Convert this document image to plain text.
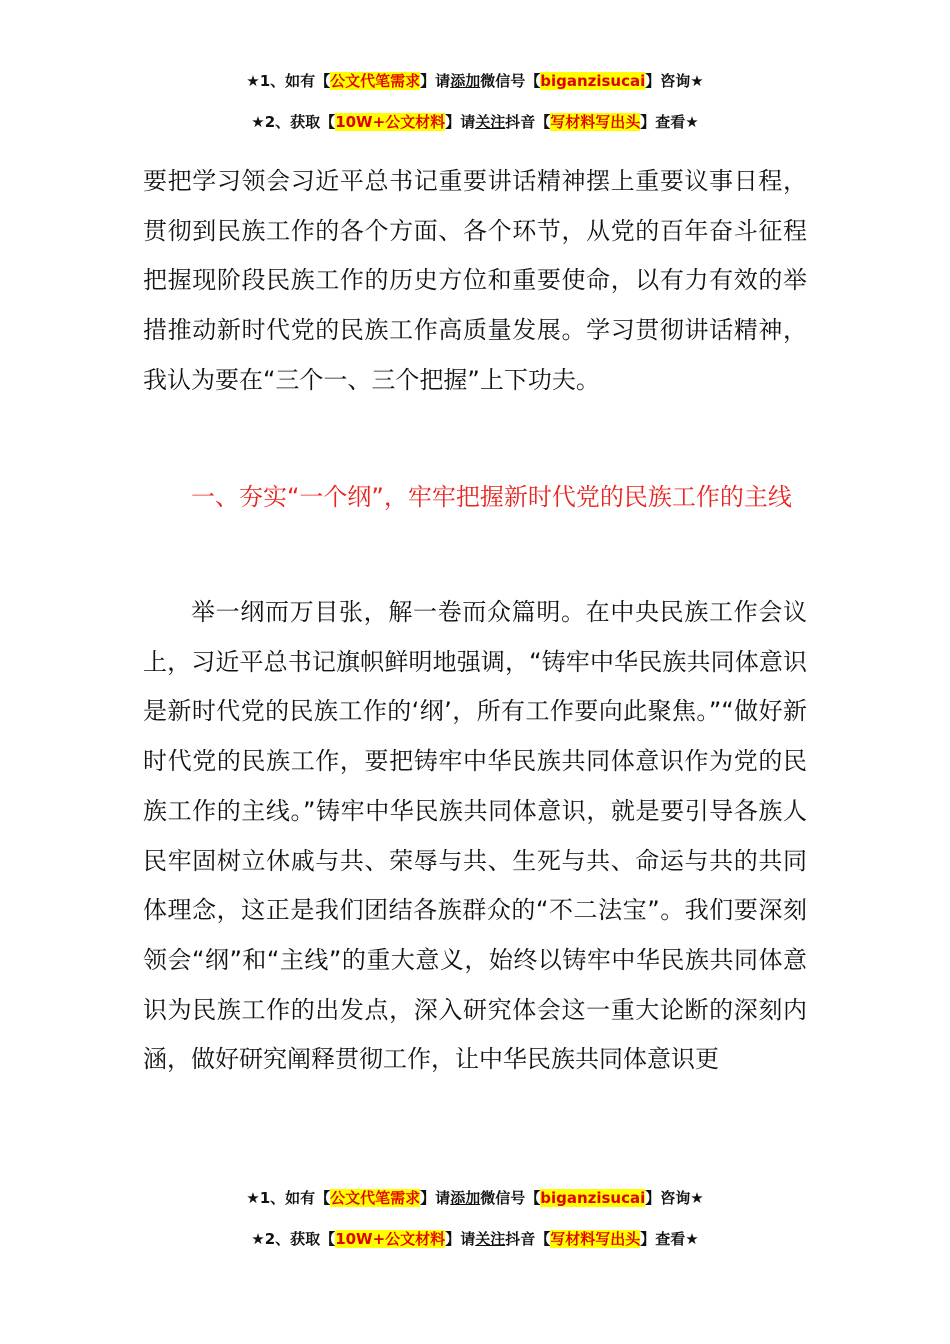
★1、如有【公文代笔需求】请添加微信号【biganzisucai】咨询★
★2、获取【10W+公文材料】请关注抖音【写材料写出头】查看★

要把学习领会习近平总书记重要讲话精神摆上重要议事日程，贯彻到民族工作的各个方面、各个环节，从党的百年奋斗征程把握现阶段民族工作的历史方位和重要使命，以有力有效的举措推动新时代党的民族工作高质量发展。学习贯彻讲话精神，我认为要在“三个一、三个把握”上下功夫。

一、夯实“一个纲”，牢牢把握新时代党的民族工作的主线

举一纲而万目张，解一卷而众篇明。在中央民族工作会议上，习近平总书记旗帜鲜明地强调，“铸牢中华民族共同体意识是新时代党的民族工作的‘纲’，所有工作要向此聚焦。”“做好新时代党的民族工作，要把铸牢中华民族共同体意识作为党的民族工作的主线。”铸牢中华民族共同体意识，就是要引导各族人民牢固树立休戚与共、荣辱与共、生死与共、命运与共的共同体理念，这正是我们团结各族群众的“不二法宝”。我们要深刻领会“纲”和“主线”的重大意义，始终以铸牢中华民族共同体意识为民族工作的出发点，深入研究体会这一重大论断的深刻内涵，做好研究阐释贯彻工作，让中华民族共同体意识更

★1、如有【公文代笔需求】请添加微信号【biganzisucai】咨询★
★2、获取【10W+公文材料】请关注抖音【写材料写出头】查看★
